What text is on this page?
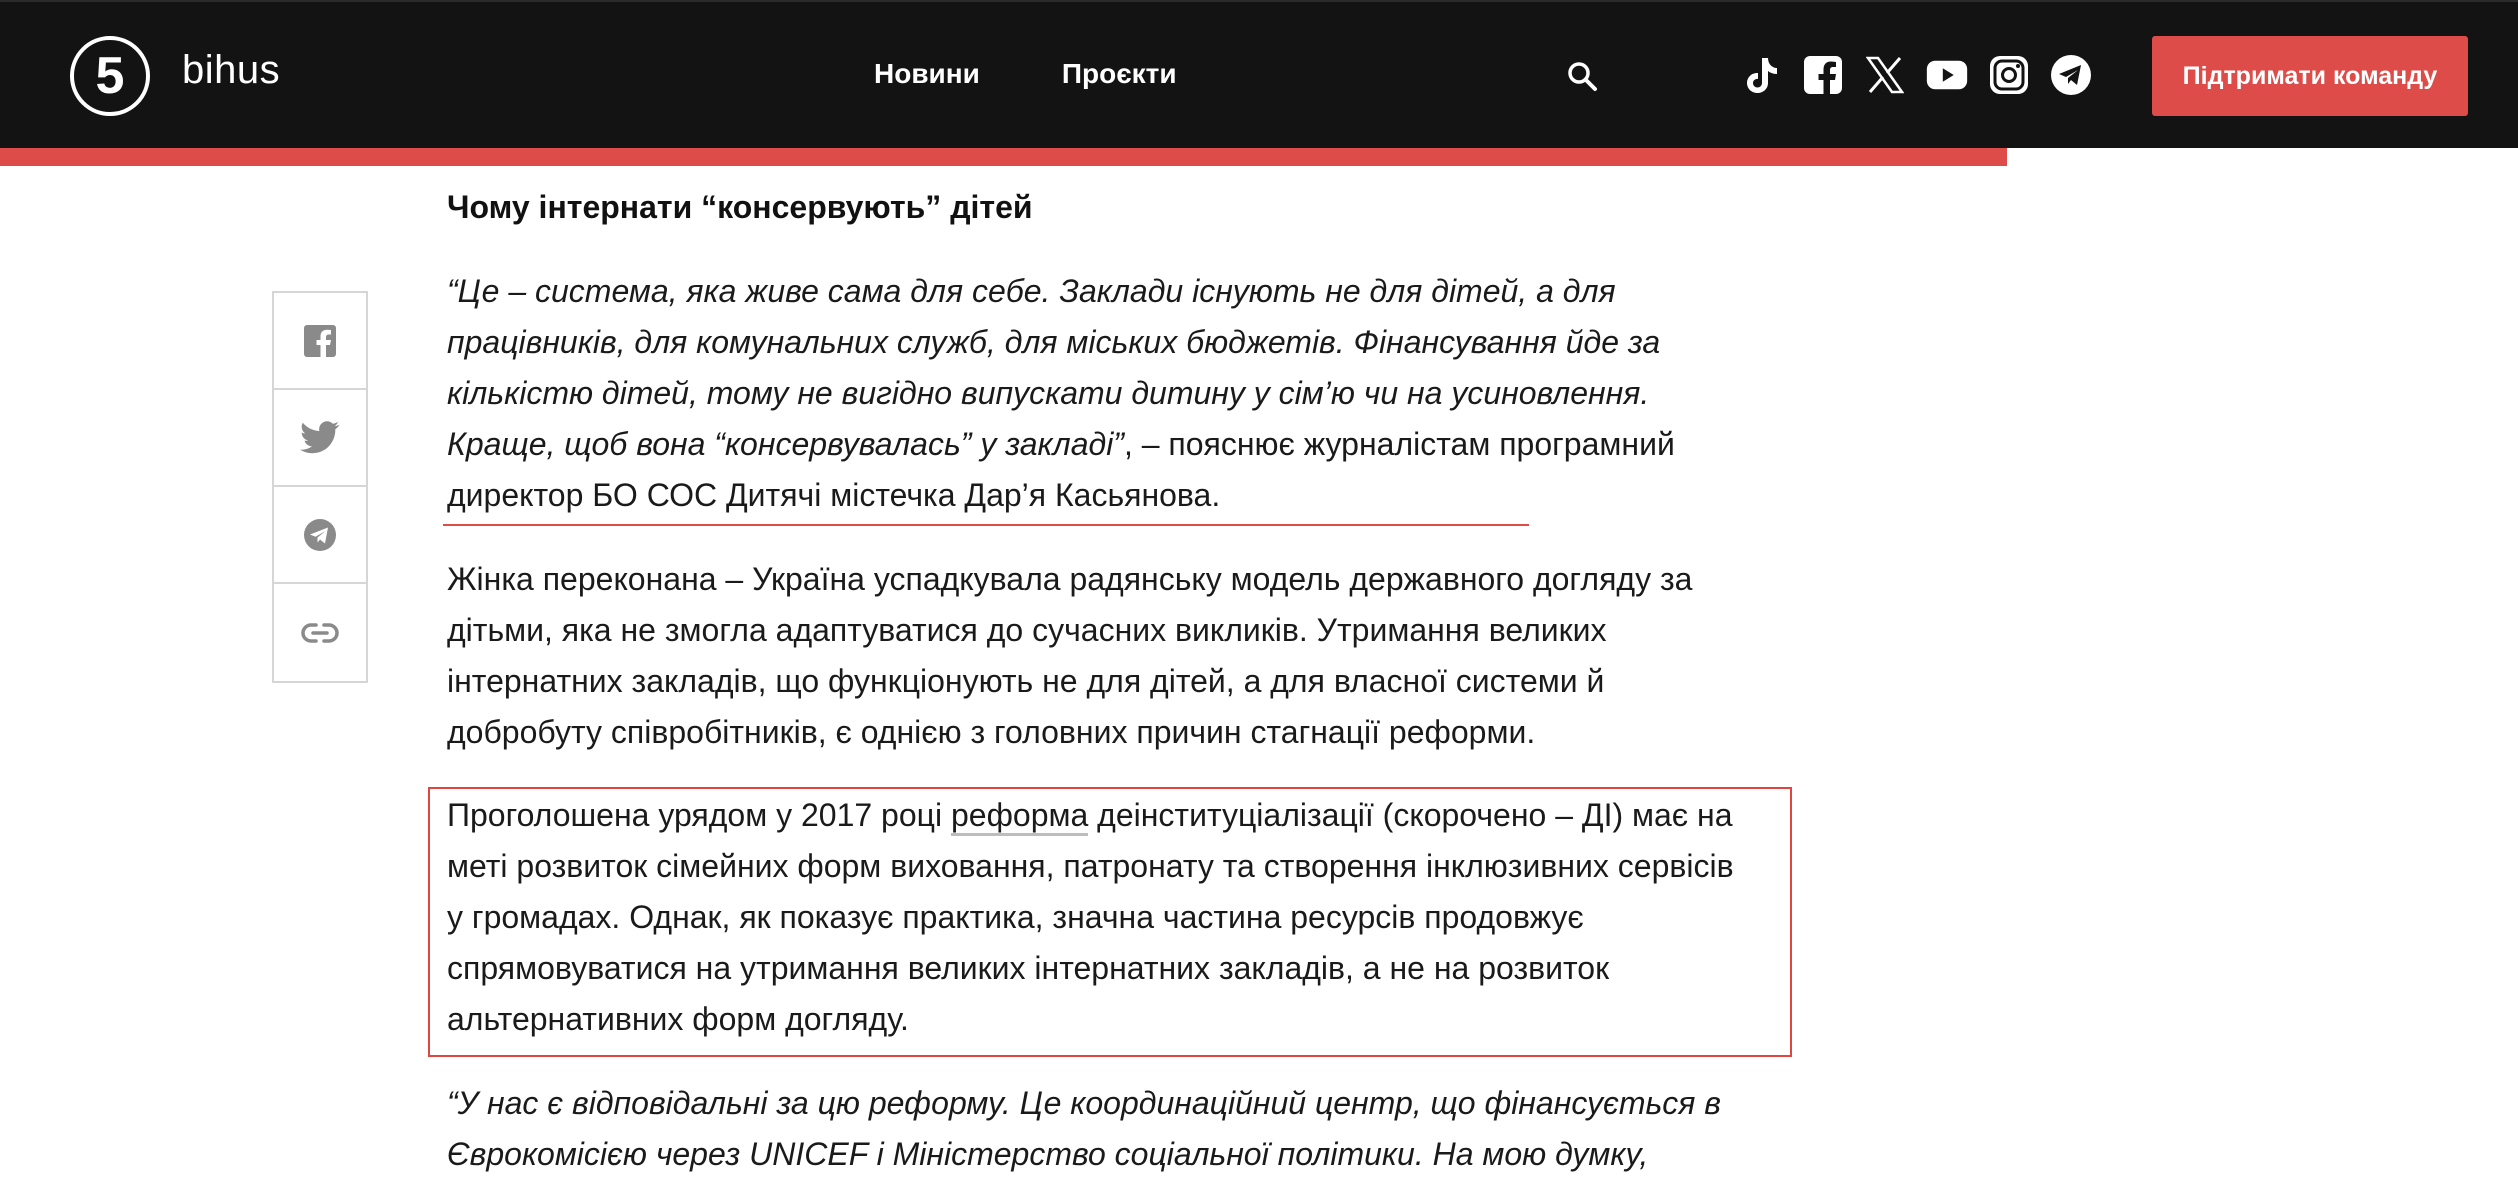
5	bihus	Новини	Проєкти	Підтримати команду
Чому інтернати “консервують” дітей

“Це – система, яка живе сама для себе. Заклади існують не для дітей, а для працівників, для комунальних служб, для міських бюджетів. Фінансування йде за кількістю дітей, тому не вигідно випускати дитину у сім’ю чи на усиновлення. Краще, щоб вона “консервувалась” у закладі”, – пояснює журналістам програмний директор БО СОС Дитячі містечка Дар’я Касьянова.

Жінка переконана – Україна успадкувала радянську модель державного догляду за дітьми, яка не змогла адаптуватися до сучасних викликів. Утримання великих інтернатних закладів, що функціонують не для дітей, а для власної системи й добробуту співробітників, є однією з головних причин стагнації реформи.

Проголошена урядом у 2017 році реформа деінституціалізації (скорочено – ДІ) має на меті розвиток сімейних форм виховання, патронату та створення інклюзивних сервісів у громадах. Однак, як показує практика, значна частина ресурсів продовжує спрямовуватися на утримання великих інтернатних закладів, а не на розвиток альтернативних форм догляду.

“У нас є відповідальні за цю реформу. Це координаційний центр, що фінансується в Єврокомісією через UNICEF і Міністерство соціальної політики. На мою думку,
